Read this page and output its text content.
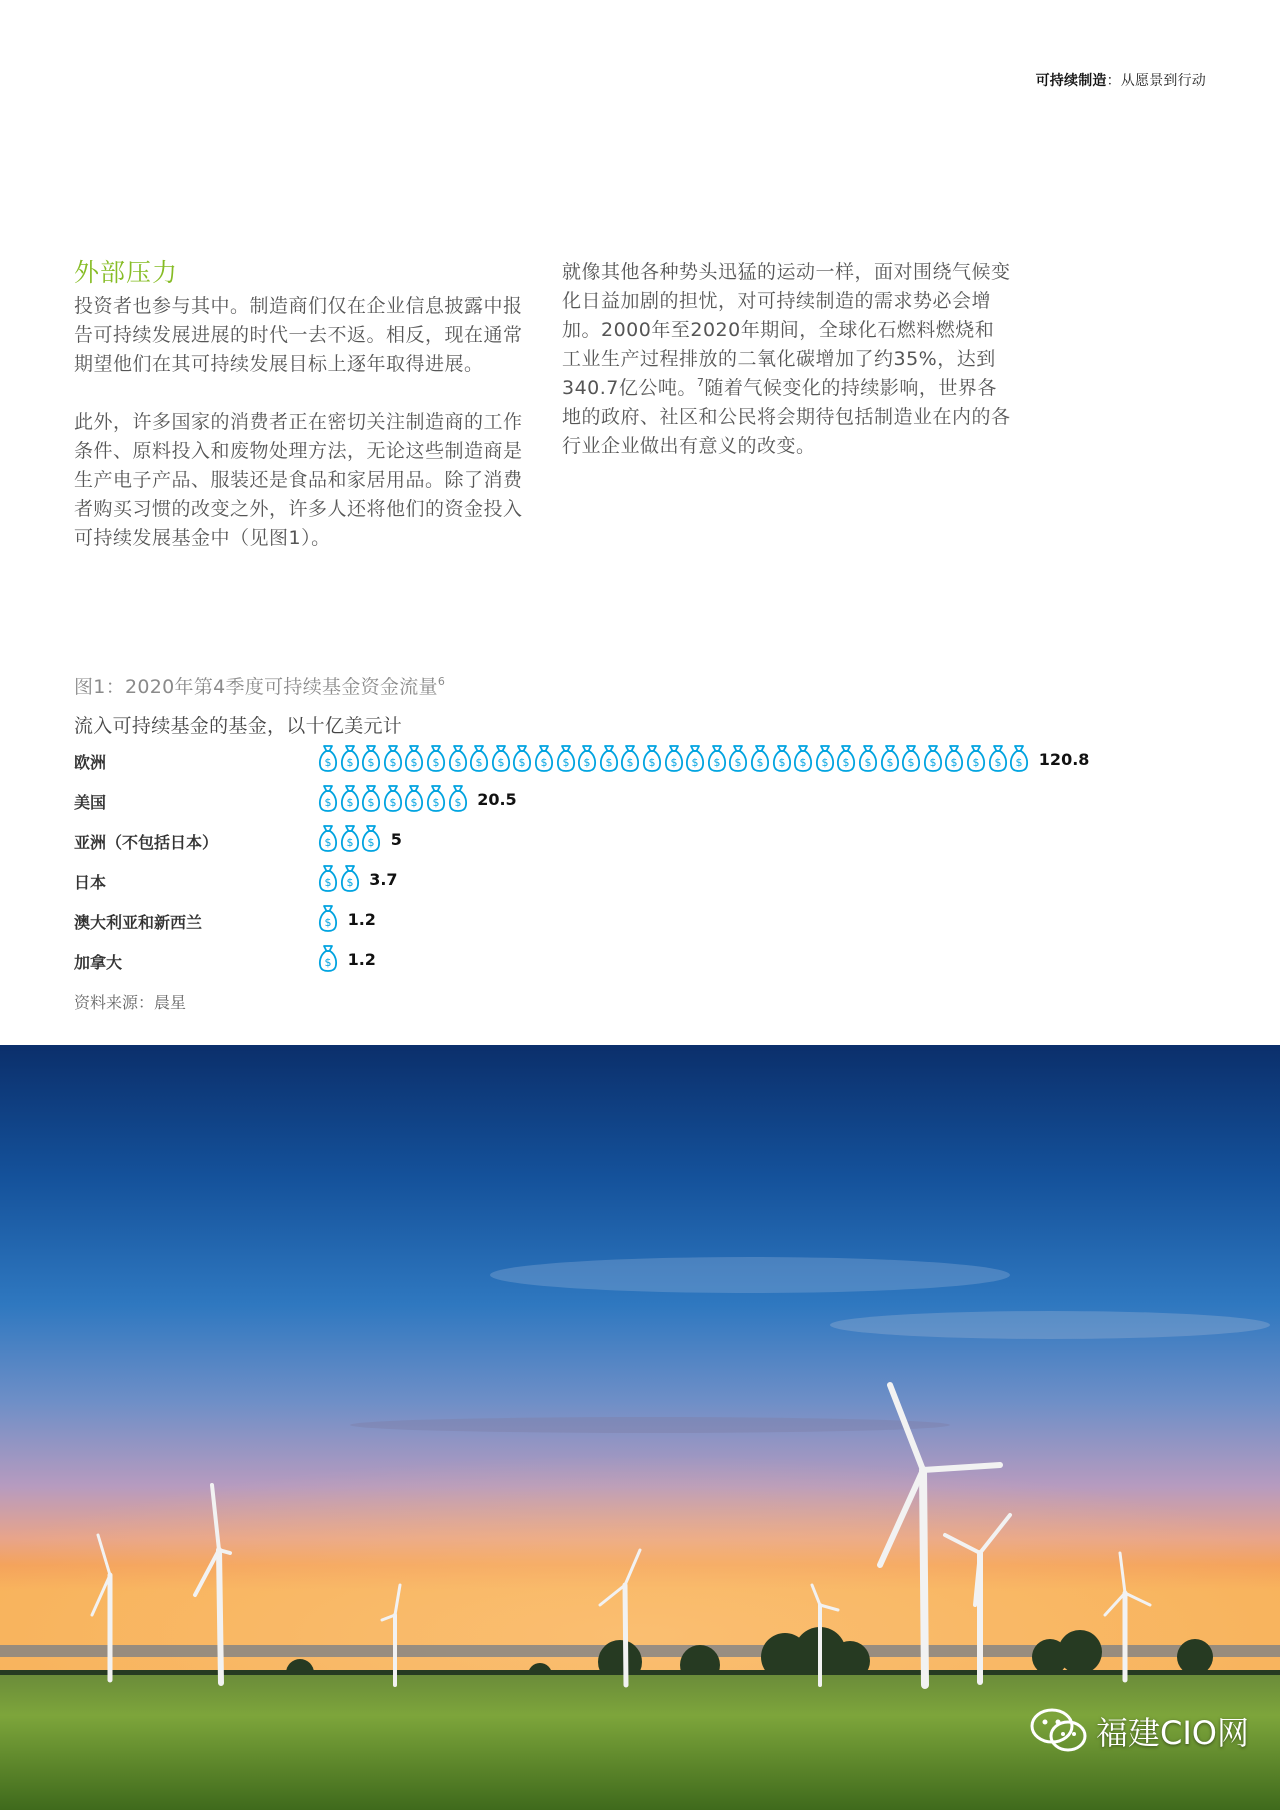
可持续制造：从愿景到行动
外部压力

投资者也参与其中。制造商们仅在企业信息披露中报告可持续发展进展的时代一去不返。相反，现在通常期望他们在其可持续发展目标上逐年取得进展。

此外，许多国家的消费者正在密切关注制造商的工作条件、原料投入和废物处理方法，无论这些制造商是生产电子产品、服装还是食品和家居用品。除了消费者购买习惯的改变之外，许多人还将他们的资金投入可持续发展基金中（见图1）。

就像其他各种势头迅猛的运动一样，面对围绕气候变化日益加剧的担忧，对可持续制造的需求势必会增加。2000年至2020年期间，全球化石燃料燃烧和工业生产过程排放的二氧化碳增加了约35%，达到340.7亿公吨。$^7$随着气候变化的持续影响，世界各地的政府、社区和公民将会期待包括制造业在内的各行业企业做出有意义的改变。

图1：2020年第4季度可持续基金资金流量$^6$
流入可持续基金的基金，以十亿美元计
欧洲	$ $ $ $ $ $ $ $ $ $ $ $ $ $ $ $ $ $ $ $ $ $ $ $ $ $ $ $ $ $ $ $ $ 120.8
美国	$ $ $ $ $ $ $ 20.5
亚洲（不包括日本）	$ $ $ 5
日本	$ $ 3.7
澳大利亚和新西兰	$ 1.2
加拿大	$ 1.2
资料来源：晨星
福建CIO网
